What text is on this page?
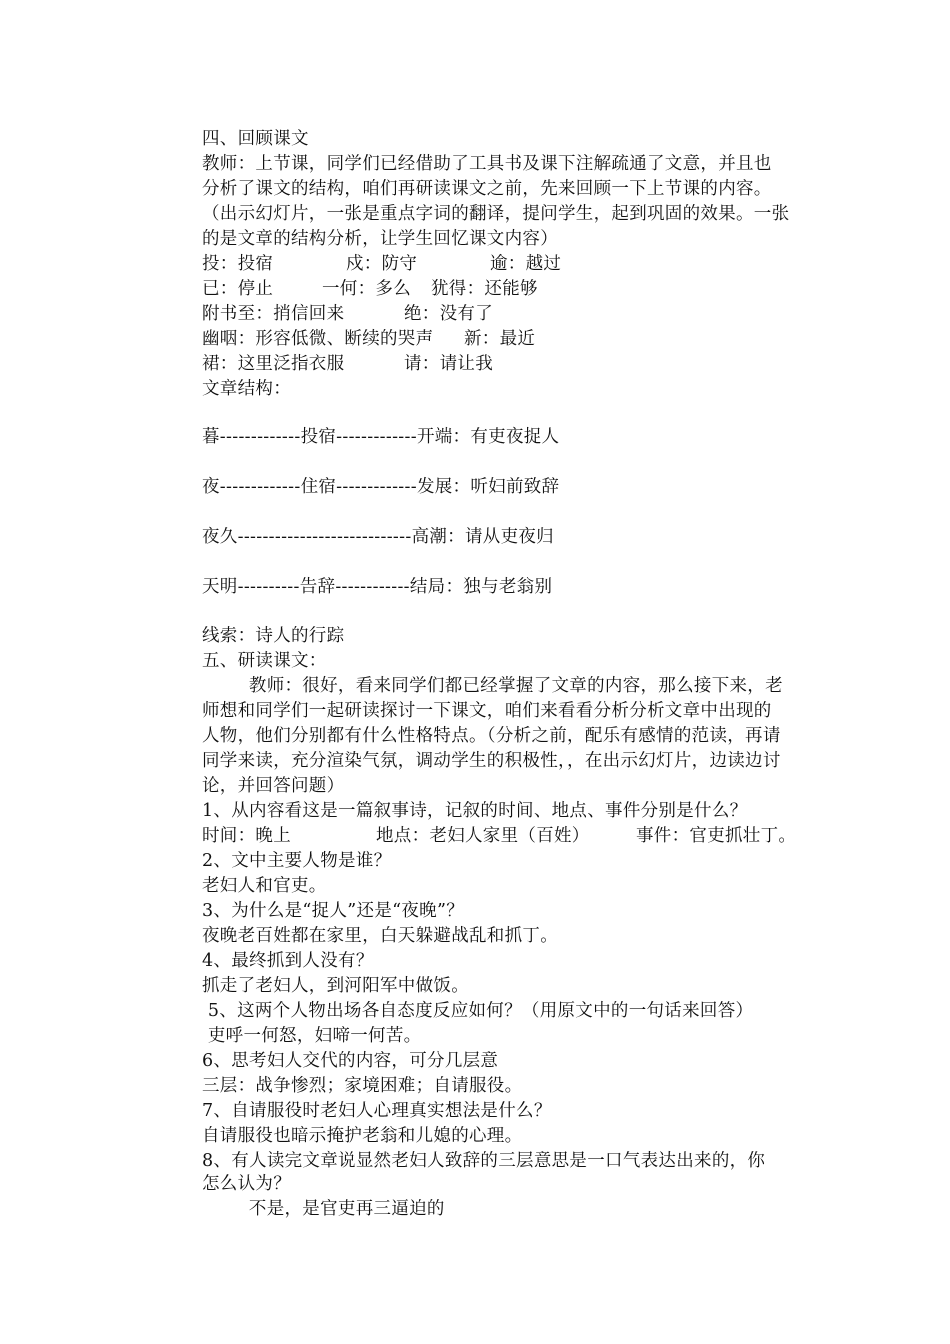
四、回顾课文
教师：上节课，同学们已经借助了工具书及课下注解疏通了文意，并且也
分析了课文的结构，咱们再研读课文之前，先来回顾一下上节课的内容。
（出示幻灯片，一张是重点字词的翻译，提问学生，起到巩固的效果。一张
的是文章的结构分析，让学生回忆课文内容）
投：投宿	戍：防守	逾：越过
已：停止	一何：多么 犹得：还能够
附书至：捎信回来	绝：没有了
幽咽：形容低微、断续的哭声 新：最近
裙：这里泛指衣服	请：请让我
文章结构：
暮-------------投宿-------------开端：有吏夜捉人
夜-------------住宿-------------发展：听妇前致辞
夜久----------------------------高潮：请从吏夜归
天明----------告辞------------结局：独与老翁别
线索：诗人的行踪
五、研读课文：
教师：很好，看来同学们都已经掌握了文章的内容，那么接下来，老
师想和同学们一起研读探讨一下课文，咱们来看看分析分析文章中出现的
人物，他们分别都有什么性格特点。（分析之前，配乐有感情的范读，再请
同学来读，充分渲染气氛，调动学生的积极性，，在出示幻灯片，边读边讨
论，并回答问题）
1、从内容看这是一篇叙事诗，记叙的时间、地点、事件分别是什么？
时间：晚上	地点：老妇人家里（百姓）	事件：官吏抓壮丁。
2、文中主要人物是谁？
老妇人和官吏。
3、为什么是“捉人”还是“夜晚”？
夜晚老百姓都在家里，白天躲避战乱和抓丁。
4、最终抓到人没有？
抓走了老妇人，到河阳军中做饭。
5、这两个人物出场各自态度反应如何？（用原文中的一句话来回答）
吏呼一何怒，妇啼一何苦。
6、思考妇人交代的内容，可分几层意
三层：战争惨烈；家境困难；自请服役。
7、自请服役时老妇人心理真实想法是什么？
自请服役也暗示掩护老翁和儿媳的心理。
8、有人读完文章说显然老妇人致辞的三层意思是一口气表达出来的，你
怎么认为？
不是，是官吏再三逼迫的
